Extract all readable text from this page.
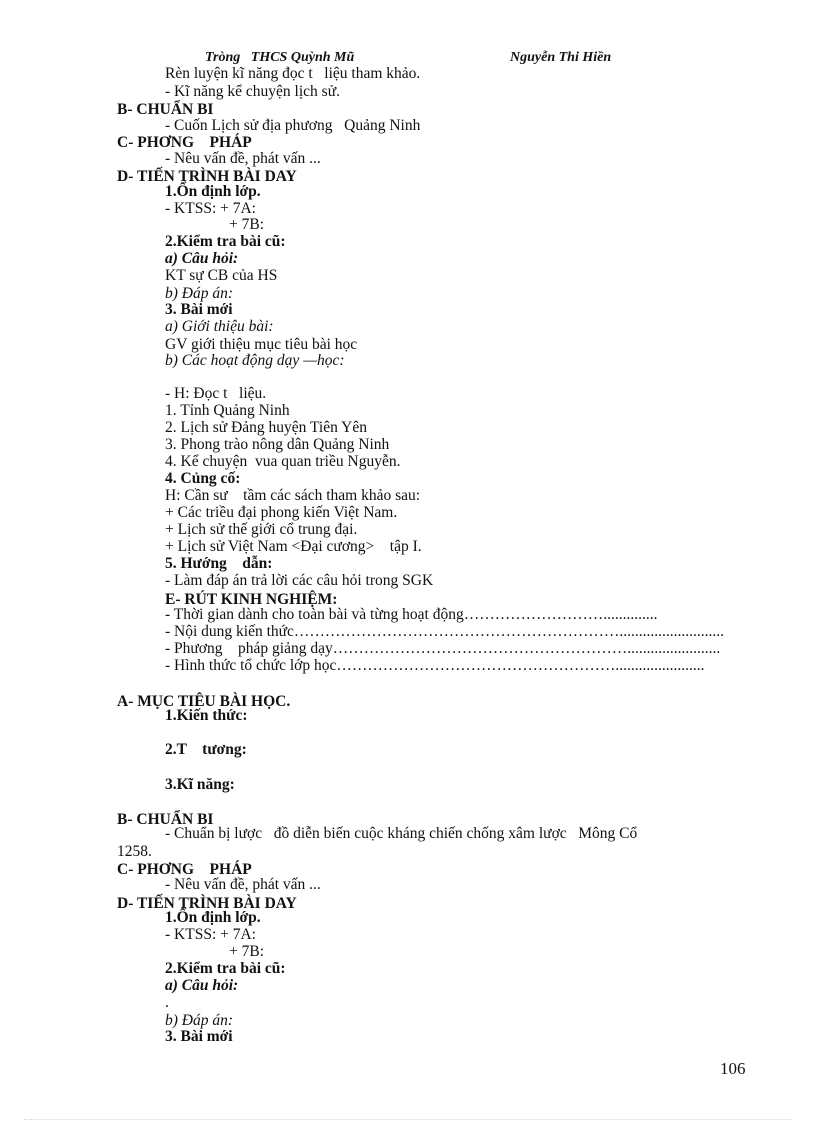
Tròng   THCS Quỳnh Mũ	Nguyễn Thi Hiền
Rèn luyện kĩ năng đọc t   liệu tham khảo.
- Kĩ năng kể chuyện lịch sử.
B- CHUẨN BI
- Cuốn Lịch sử địa phương   Quảng Ninh
C- PHƠNG    PHÁP
- Nêu vấn đề, phát vấn ...
D- TIẾN TRÌNH BÀI DAY
1.Ổn định lớp.
- KTSS: + 7A:
+ 7B:
2.Kiểm tra bài cũ:
a) Câu hỏi:
KT sự CB của HS
b) Đáp án:
3. Bài mới
a) Giới thiệu bài:
GV giới thiệu mục tiêu bài học
b) Các hoạt động dạy —học:
- H: Đọc t   liệu.
1. Tỉnh Quảng Ninh
2. Lịch sử Đảng huyện Tiên Yên
3. Phong trào nông dân Quảng Ninh
4. Kể chuyện  vua quan triều Nguyễn.
4. Củng cố:
H: Cần sư    tầm các sách tham khảo sau:
+ Các triều đại phong kiến Việt Nam.
+ Lịch sử thế giới cổ trung đại.
+ Lịch sử Việt Nam <Đại cương>    tập I.
5. Hướng    dẫn:
- Làm đáp án trả lời các câu hỏi trong SGK
E- RÚT KINH NGHIỆM:
- Thời gian dành cho toàn bài và từng hoạt động………………………..............
- Nội dung kiến thức………………………………………………………...........................
- Phương    pháp giảng dạy…………………………………………………........................
- Hình thức tổ chức lớp học……………………………………………….......................
A- MỤC TIÊU BÀI HỌC.
1.Kiến thức:
2.T    tương:
3.Kĩ năng:
B- CHUẨN BI
- Chuẩn bị lược   đồ diễn biến cuộc kháng chiến chống xâm lược   Mông Cổ
1258.
C- PHƠNG    PHÁP
- Nêu vấn đề, phát vấn ...
D- TIẾN TRÌNH BÀI DAY
1.Ổn định lớp.
- KTSS: + 7A:
+ 7B:
2.Kiểm tra bài cũ:
a) Câu hỏi:
.
b) Đáp án:
3. Bài mới
106
